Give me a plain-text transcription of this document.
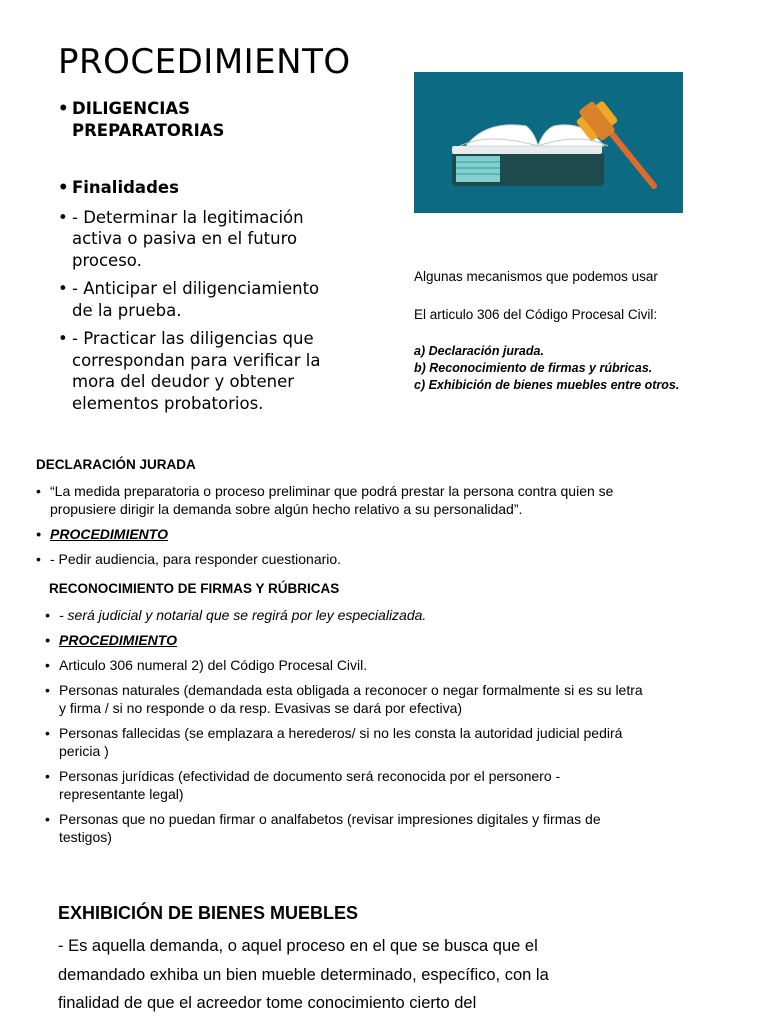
PROCEDIMIENTO
• DILIGENCIAS PREPARATORIAS
• Finalidades
• - Determinar la legitimación activa o pasiva en el futuro proceso.
• - Anticipar el diligenciamiento de la prueba.
• - Practicar las diligencias que correspondan para verificar la mora del deudor y obtener elementos probatorios.
Algunas mecanismos que podemos usar
El articulo 306 del Código Procesal Civil:
a) Declaración jurada.
b) Reconocimiento de firmas y rúbricas.
c) Exhibición de bienes muebles entre otros.
DECLARACIÓN JURADA
• “La medida preparatoria o proceso preliminar que podrá prestar la persona contra quien se propusiere dirigir la demanda sobre algún hecho relativo a su personalidad”.
• PROCEDIMIENTO
• - Pedir audiencia, para responder cuestionario.
RECONOCIMIENTO DE FIRMAS Y RÚBRICAS
• - será judicial y notarial que se regirá por ley especializada.
• PROCEDIMIENTO
• Articulo 306 numeral 2) del Código Procesal Civil.
• Personas naturales (demandada esta obligada a reconocer o negar formalmente si es su letra y firma / si no responde o da resp. Evasivas se dará por efectiva)
• Personas fallecidas (se emplazara a herederos/ si no les consta la autoridad judicial pedirá pericia )
• Personas jurídicas (efectividad de documento será reconocida por el personero - representante legal)
• Personas que no puedan firmar o analfabetos (revisar impresiones digitales y firmas de testigos)
EXHIBICIÓN DE BIENES MUEBLES
- Es aquella demanda, o aquel proceso en el que se busca que el demandado exhiba un bien mueble determinado, específico, con la finalidad de que el acreedor tome conocimiento cierto del
